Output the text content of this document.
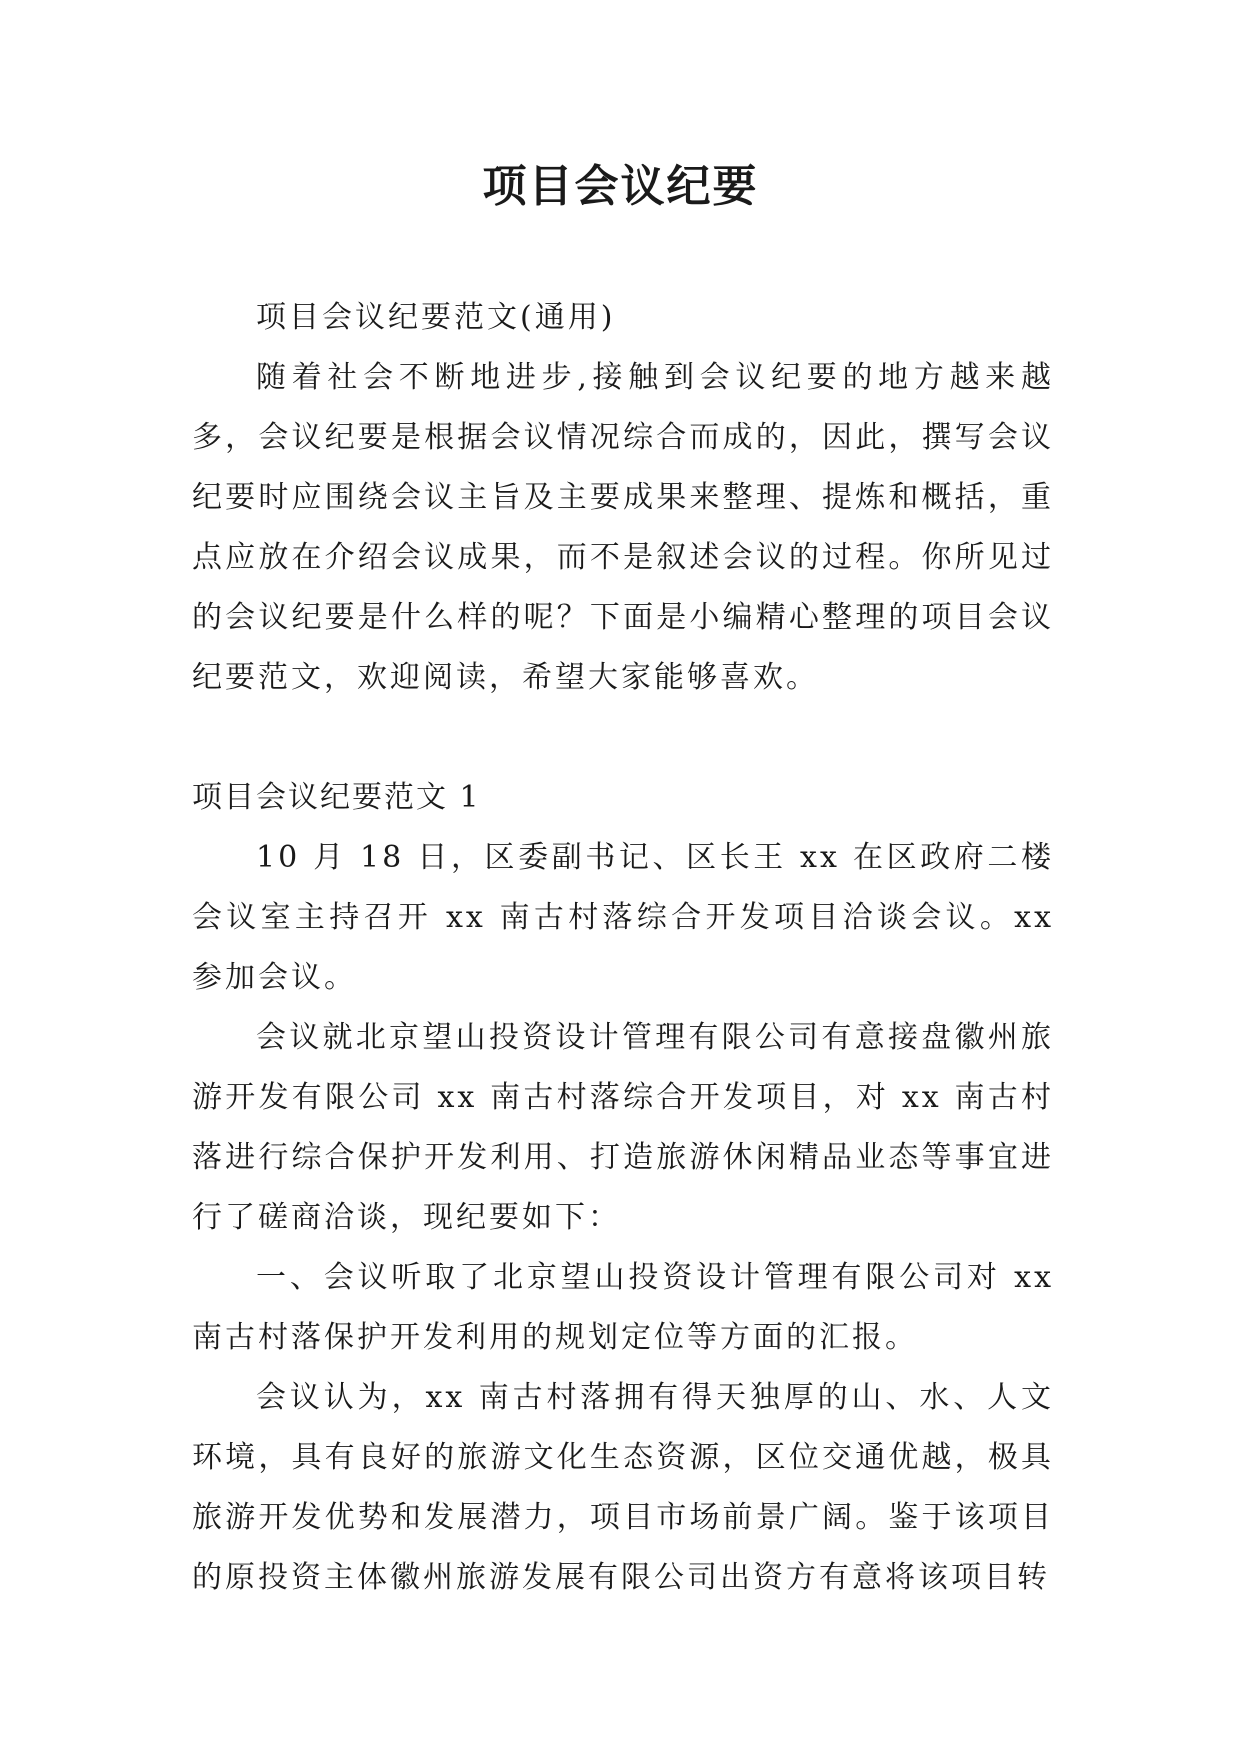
项目会议纪要

项目会议纪要范文(通用)

随着社会不断地进步,接触到会议纪要的地方越来越多，会议纪要是根据会议情况综合而成的，因此，撰写会议纪要时应围绕会议主旨及主要成果来整理、提炼和概括，重点应放在介绍会议成果，而不是叙述会议的过程。你所见过的会议纪要是什么样的呢？下面是小编精心整理的项目会议纪要范文，欢迎阅读，希望大家能够喜欢。

项目会议纪要范文 1

10 月 18 日，区委副书记、区长王 xx 在区政府二楼会议室主持召开 xx 南古村落综合开发项目洽谈会议。xx 参加会议。

会议就北京望山投资设计管理有限公司有意接盘徽州旅游开发有限公司 xx 南古村落综合开发项目，对 xx 南古村落进行综合保护开发利用、打造旅游休闲精品业态等事宜进行了磋商洽谈，现纪要如下：

一、会议听取了北京望山投资设计管理有限公司对 xx 南古村落保护开发利用的规划定位等方面的汇报。

会议认为，xx 南古村落拥有得天独厚的山、水、人文环境，具有良好的旅游文化生态资源，区位交通优越，极具旅游开发优势和发展潜力，项目市场前景广阔。鉴于该项目的原投资主体徽州旅游发展有限公司出资方有意将该项目转
